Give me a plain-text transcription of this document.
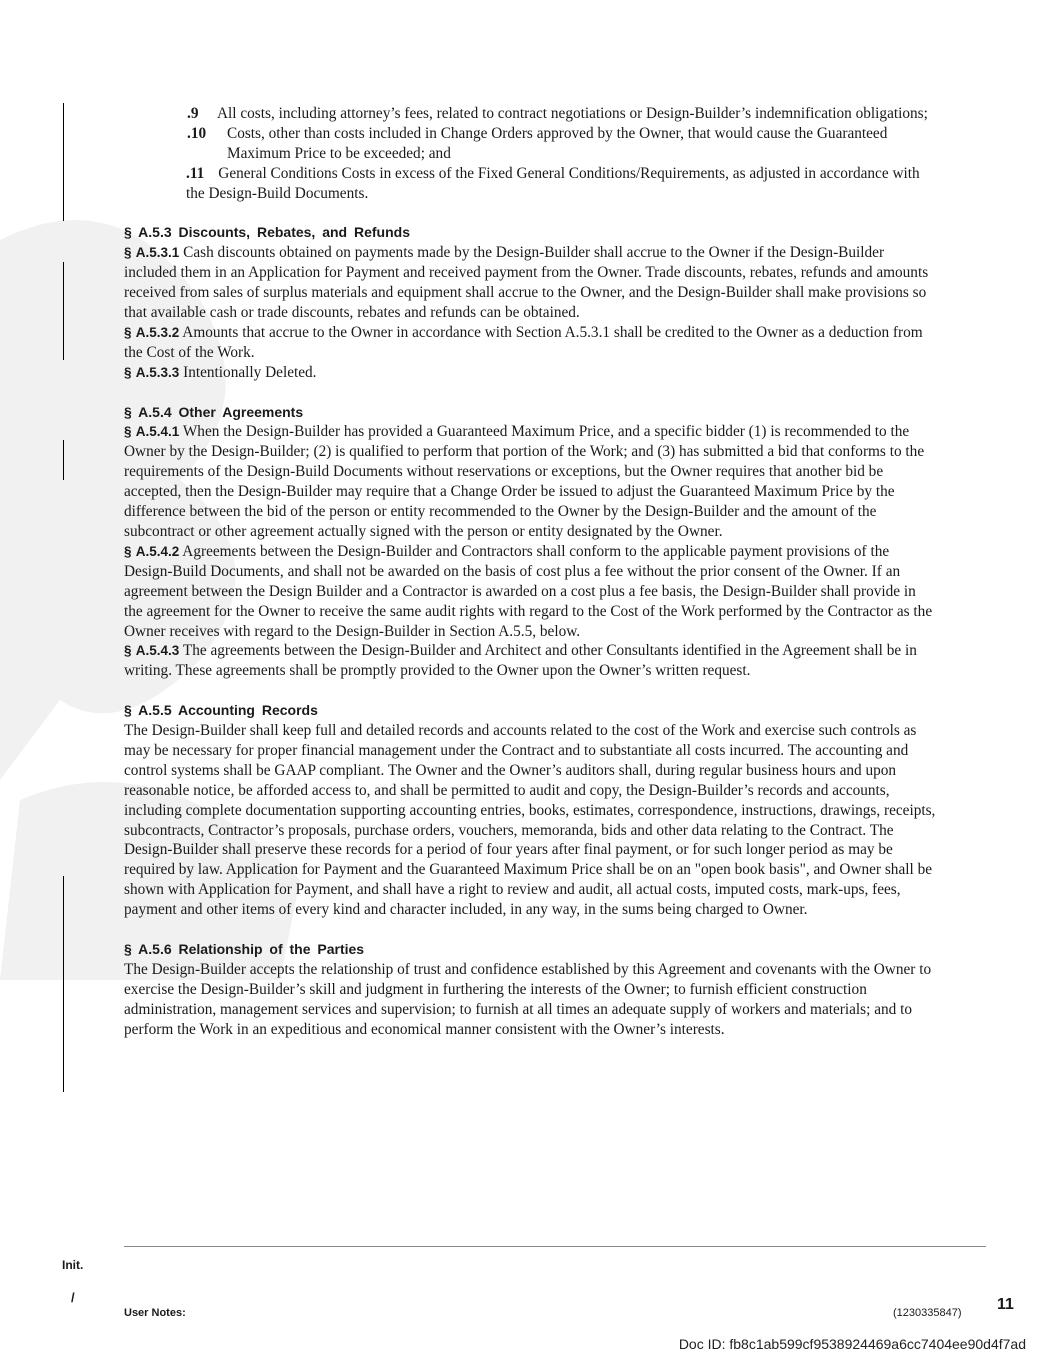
.9 All costs, including attorney’s fees, related to contract negotiations or Design-Builder’s indemnification obligations;

.10 Costs, other than costs included in Change Orders approved by the Owner, that would cause the Guaranteed Maximum Price to be exceeded; and

.11 General Conditions Costs in excess of the Fixed General Conditions/Requirements, as adjusted in accordance with the Design-Build Documents.

§ A.5.3 Discounts, Rebates, and Refunds

§ A.5.3.1 Cash discounts obtained on payments made by the Design-Builder shall accrue to the Owner if the Design-Builder included them in an Application for Payment and received payment from the Owner. Trade discounts, rebates, refunds and amounts received from sales of surplus materials and equipment shall accrue to the Owner, and the Design-Builder shall make provisions so that available cash or trade discounts, rebates and refunds can be obtained.

§ A.5.3.2 Amounts that accrue to the Owner in accordance with Section A.5.3.1 shall be credited to the Owner as a deduction from the Cost of the Work.

§ A.5.3.3 Intentionally Deleted.

§ A.5.4 Other Agreements

§ A.5.4.1 When the Design-Builder has provided a Guaranteed Maximum Price, and a specific bidder (1) is recommended to the Owner by the Design-Builder; (2) is qualified to perform that portion of the Work; and (3) has submitted a bid that conforms to the requirements of the Design-Build Documents without reservations or exceptions, but the Owner requires that another bid be accepted, then the Design-Builder may require that a Change Order be issued to adjust the Guaranteed Maximum Price by the difference between the bid of the person or entity recommended to the Owner by the Design-Builder and the amount of the subcontract or other agreement actually signed with the person or entity designated by the Owner.

§ A.5.4.2 Agreements between the Design-Builder and Contractors shall conform to the applicable payment provisions of the Design-Build Documents, and shall not be awarded on the basis of cost plus a fee without the prior consent of the Owner. If an agreement between the Design Builder and a Contractor is awarded on a cost plus a fee basis, the Design-Builder shall provide in the agreement for the Owner to receive the same audit rights with regard to the Cost of the Work performed by the Contractor as the Owner receives with regard to the Design-Builder in Section A.5.5, below.

§ A.5.4.3 The agreements between the Design-Builder and Architect and other Consultants identified in the Agreement shall be in writing. These agreements shall be promptly provided to the Owner upon the Owner’s written request.

§ A.5.5 Accounting Records

The Design-Builder shall keep full and detailed records and accounts related to the cost of the Work and exercise such controls as may be necessary for proper financial management under the Contract and to substantiate all costs incurred. The accounting and control systems shall be GAAP compliant. The Owner and the Owner’s auditors shall, during regular business hours and upon reasonable notice, be afforded access to, and shall be permitted to audit and copy, the Design-Builder’s records and accounts, including complete documentation supporting accounting entries, books, estimates, correspondence, instructions, drawings, receipts, subcontracts, Contractor’s proposals, purchase orders, vouchers, memoranda, bids and other data relating to the Contract. The Design-Builder shall preserve these records for a period of four years after final payment, or for such longer period as may be required by law. Application for Payment and the Guaranteed Maximum Price shall be on an "open book basis", and Owner shall be shown with Application for Payment, and shall have a right to review and audit, all actual costs, imputed costs, mark-ups, fees, payment and other items of every kind and character included, in any way, in the sums being charged to Owner.

§ A.5.6 Relationship of the Parties

The Design-Builder accepts the relationship of trust and confidence established by this Agreement and covenants with the Owner to exercise the Design-Builder’s skill and judgment in furthering the interests of the Owner; to furnish efficient construction administration, management services and supervision; to furnish at all times an adequate supply of workers and materials; and to perform the Work in an expeditious and economical manner consistent with the Owner’s interests.

Init.
/	11
User Notes:	(1230335847)
Doc ID: fb8c1ab599cf9538924469a6cc7404ee90d4f7ad
